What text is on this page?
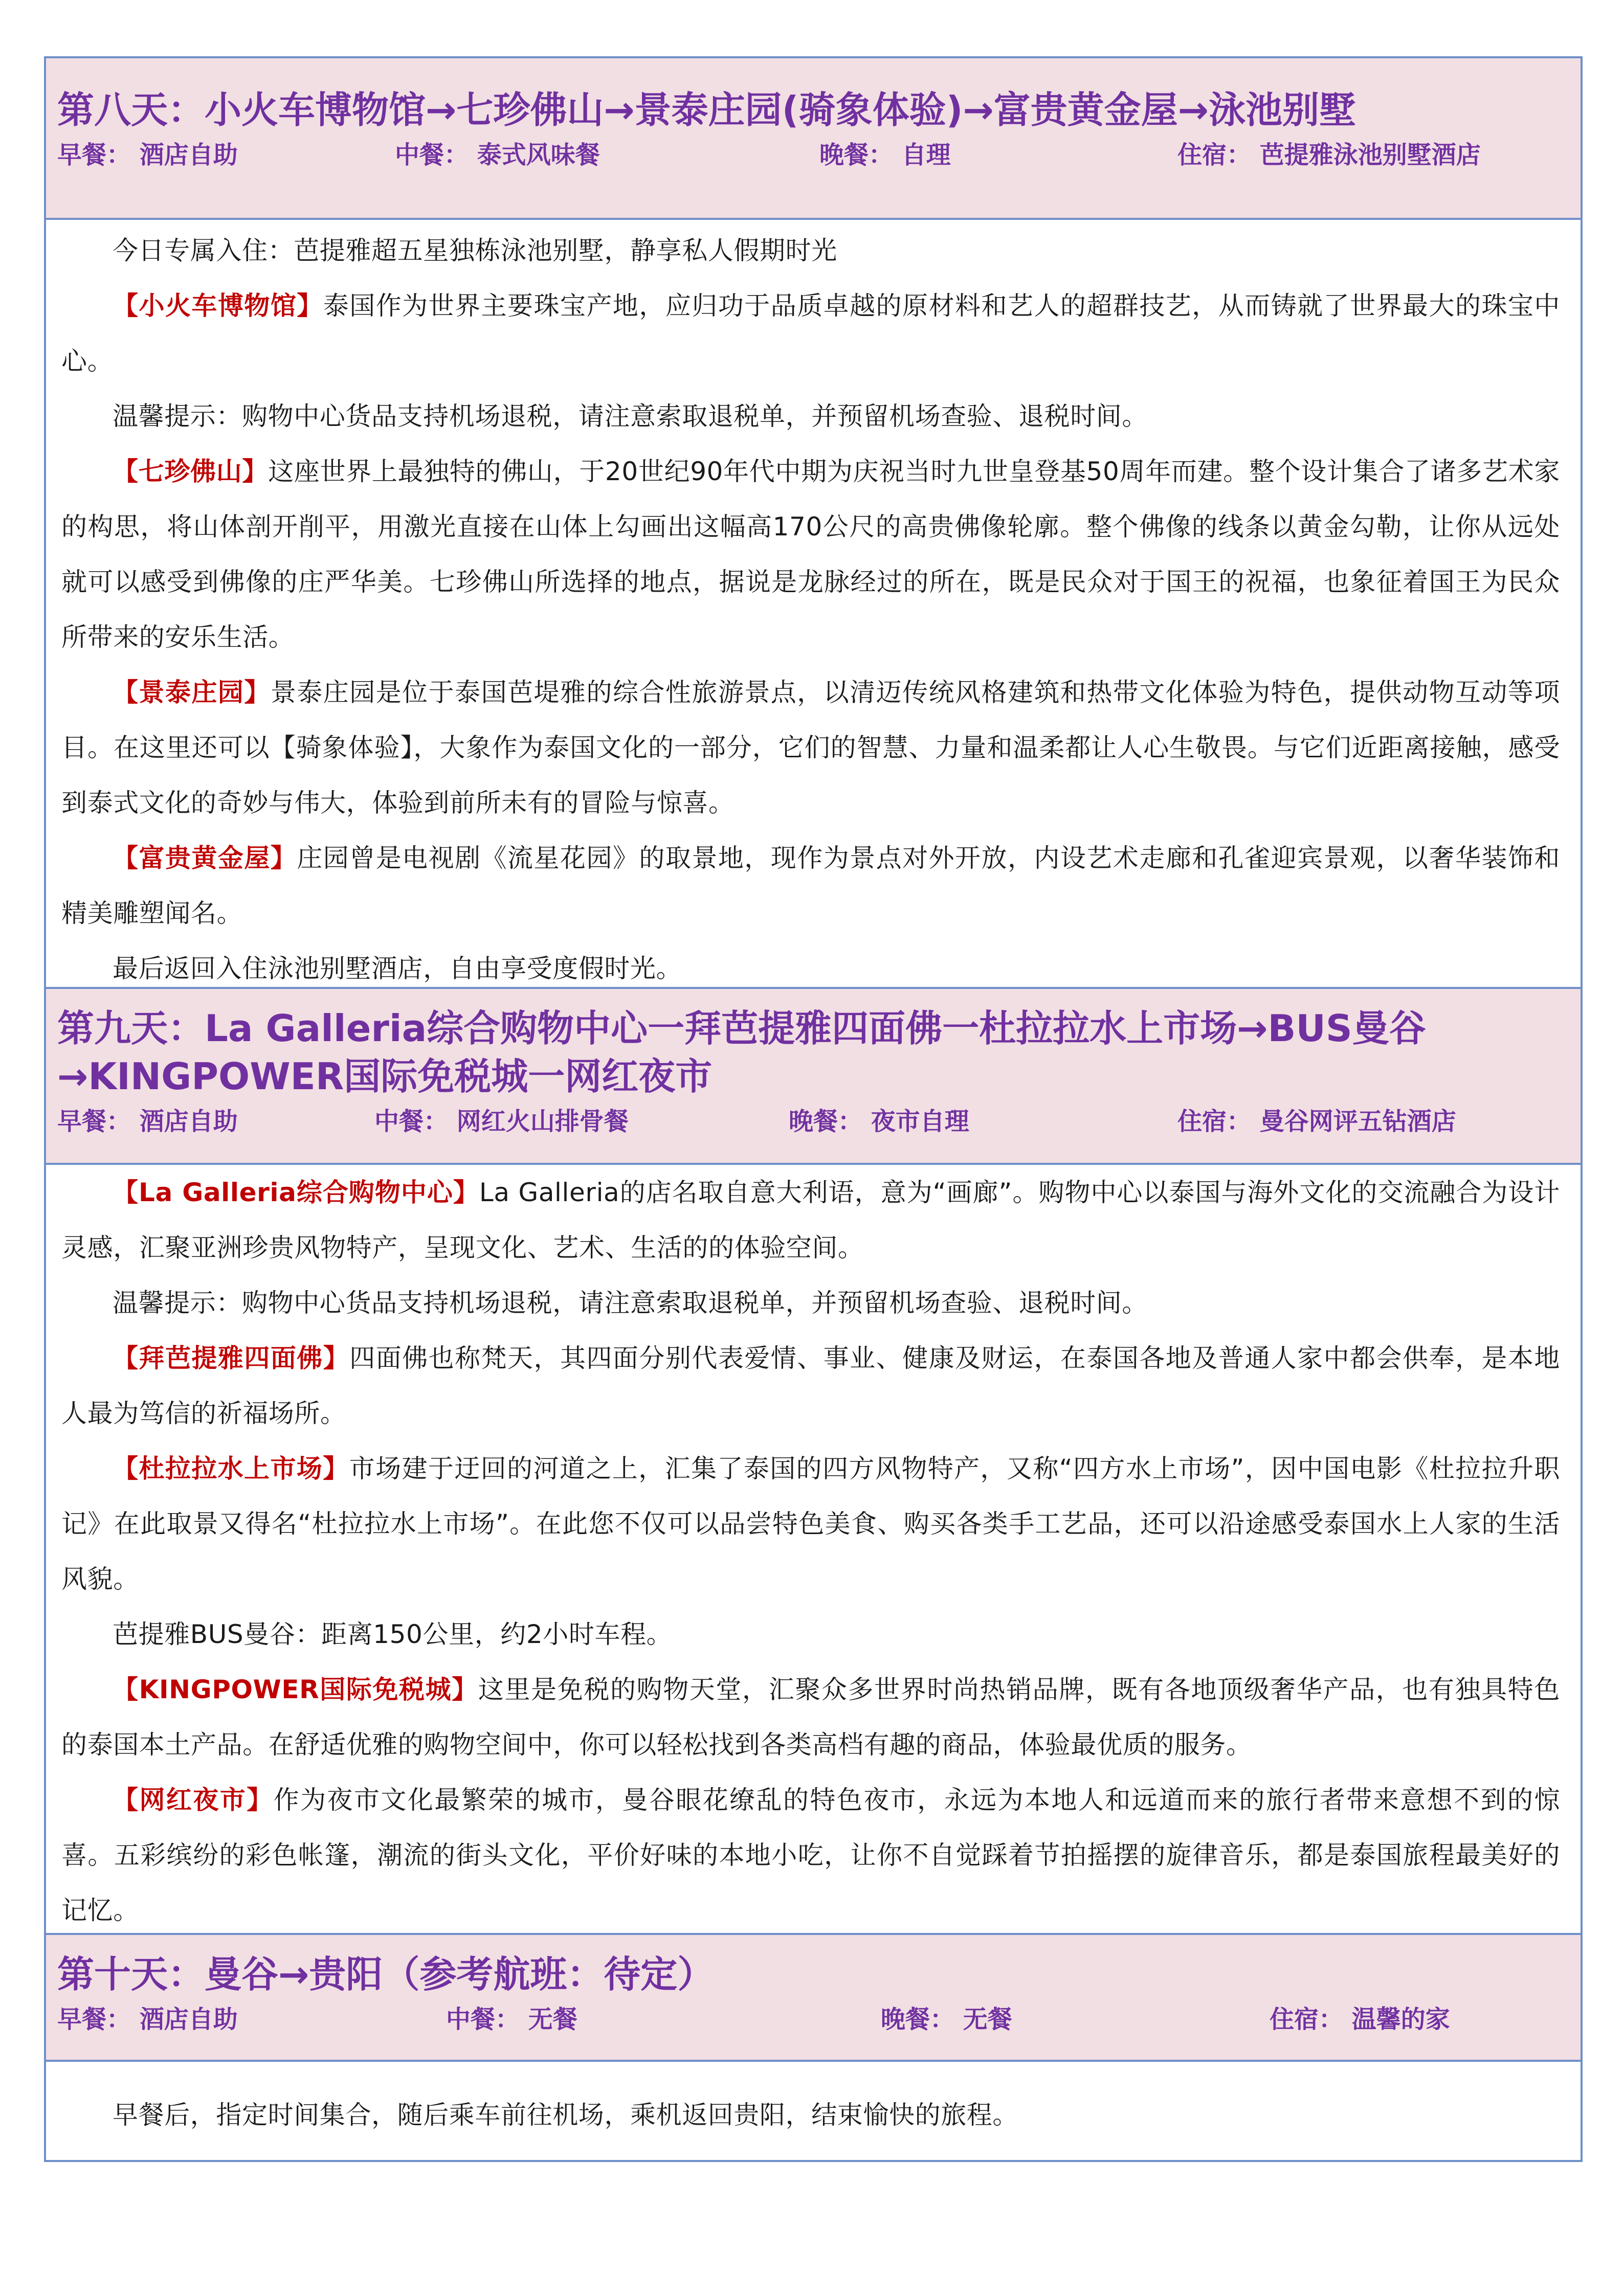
第八天：小火车博物馆→七珍佛山→景泰庄园(骑象体验)→富贵黄金屋→泳池别墅
早餐： 酒店自助	中餐： 泰式风味餐	晚餐： 自理	住宿： 芭提雅泳池别墅酒店

今日专属入住：芭提雅超五星独栋泳池别墅，静享私人假期时光

【小火车博物馆】泰国作为世界主要珠宝产地，应归功于品质卓越的原材料和艺人的超群技艺，从而铸就了世界最大的珠宝中心。

温馨提示：购物中心货品支持机场退税，请注意索取退税单，并预留机场查验、退税时间。

【七珍佛山】这座世界上最独特的佛山，于20世纪90年代中期为庆祝当时九世皇登基50周年而建。整个设计集合了诸多艺术家的构思，将山体剖开削平，用激光直接在山体上勾画出这幅高170公尺的高贵佛像轮廓。整个佛像的线条以黄金勾勒，让你从远处就可以感受到佛像的庄严华美。七珍佛山所选择的地点，据说是龙脉经过的所在，既是民众对于国王的祝福，也象征着国王为民众所带来的安乐生活。

【景泰庄园】景泰庄园是位于泰国芭堤雅的综合性旅游景点，以清迈传统风格建筑和热带文化体验为特色，提供动物互动等项目。在这里还可以【骑象体验】，大象作为泰国文化的一部分，它们的智慧、力量和温柔都让人心生敬畏。与它们近距离接触，感受到泰式文化的奇妙与伟大，体验到前所未有的冒险与惊喜。

【富贵黄金屋】庄园曾是电视剧《流星花园》的取景地，现作为景点对外开放，内设艺术走廊和孔雀迎宾景观，以奢华装饰和精美雕塑闻名。

最后返回入住泳池别墅酒店，自由享受度假时光。

第九天：La Galleria综合购物中心一拜芭提雅四面佛一杜拉拉水上市场→BUS曼谷→KINGPOWER国际免税城一网红夜市
早餐： 酒店自助	中餐： 网红火山排骨餐	晚餐： 夜市自理	住宿： 曼谷网评五钻酒店

【La Galleria综合购物中心】La Galleria的店名取自意大利语，意为“画廊”。购物中心以泰国与海外文化的交流融合为设计灵感，汇聚亚洲珍贵风物特产，呈现文化、艺术、生活的的体验空间。

温馨提示：购物中心货品支持机场退税，请注意索取退税单，并预留机场查验、退税时间。

【拜芭提雅四面佛】四面佛也称梵天，其四面分别代表爱情、事业、健康及财运，在泰国各地及普通人家中都会供奉，是本地人最为笃信的祈福场所。

【杜拉拉水上市场】市场建于迂回的河道之上，汇集了泰国的四方风物特产，又称“四方水上市场”，因中国电影《杜拉拉升职记》在此取景又得名“杜拉拉水上市场”。在此您不仅可以品尝特色美食、购买各类手工艺品，还可以沿途感受泰国水上人家的生活风貌。

芭提雅BUS曼谷：距离150公里，约2小时车程。

【KINGPOWER国际免税城】这里是免税的购物天堂，汇聚众多世界时尚热销品牌，既有各地顶级奢华产品，也有独具特色的泰国本土产品。在舒适优雅的购物空间中，你可以轻松找到各类高档有趣的商品，体验最优质的服务。

【网红夜市】作为夜市文化最繁荣的城市，曼谷眼花缭乱的特色夜市，永远为本地人和远道而来的旅行者带来意想不到的惊喜。五彩缤纷的彩色帐篷，潮流的街头文化，平价好味的本地小吃，让你不自觉踩着节拍摇摆的旋律音乐，都是泰国旅程最美好的记忆。

第十天：曼谷→贵阳（参考航班：待定）
早餐： 酒店自助	中餐： 无餐	晚餐： 无餐	住宿： 温馨的家

早餐后，指定时间集合，随后乘车前往机场，乘机返回贵阳，结束愉快的旅程。
